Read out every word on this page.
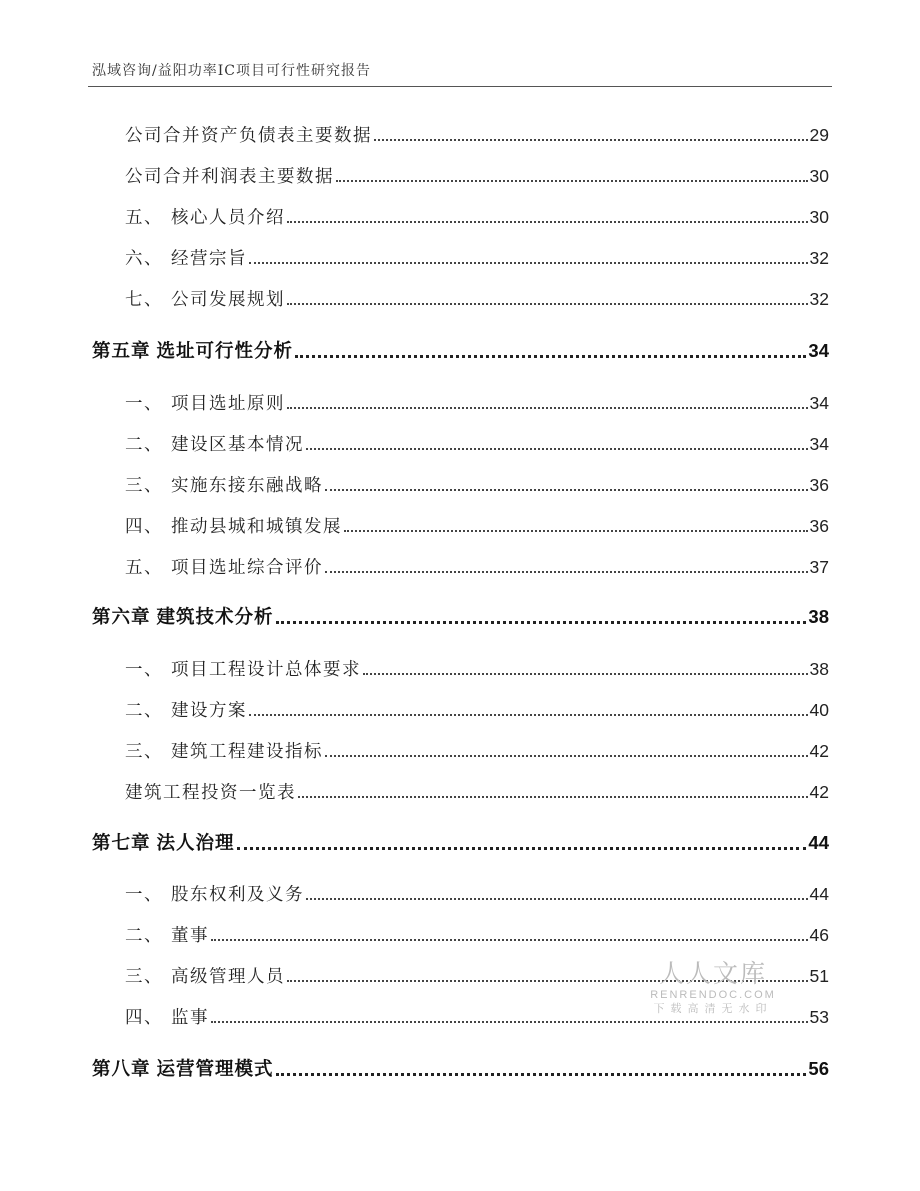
泓域咨询/益阳功率IC项目可行性研究报告
公司合并资产负债表主要数据	29
公司合并利润表主要数据	30
五、 核心人员介绍	30
六、 经营宗旨	32
七、 公司发展规划	32
第五章 选址可行性分析	34
一、 项目选址原则	34
二、 建设区基本情况	34
三、 实施东接东融战略	36
四、 推动县城和城镇发展	36
五、 项目选址综合评价	37
第六章 建筑技术分析	38
一、 项目工程设计总体要求	38
二、 建设方案	40
三、 建筑工程建设指标	42
建筑工程投资一览表	42
第七章 法人治理	44
一、 股东权利及义务	44
二、 董事	46
三、 高级管理人员	51
四、 监事	53
第八章 运营管理模式	56
人人文库
RENRENDOC.COM
下载高清无水印
